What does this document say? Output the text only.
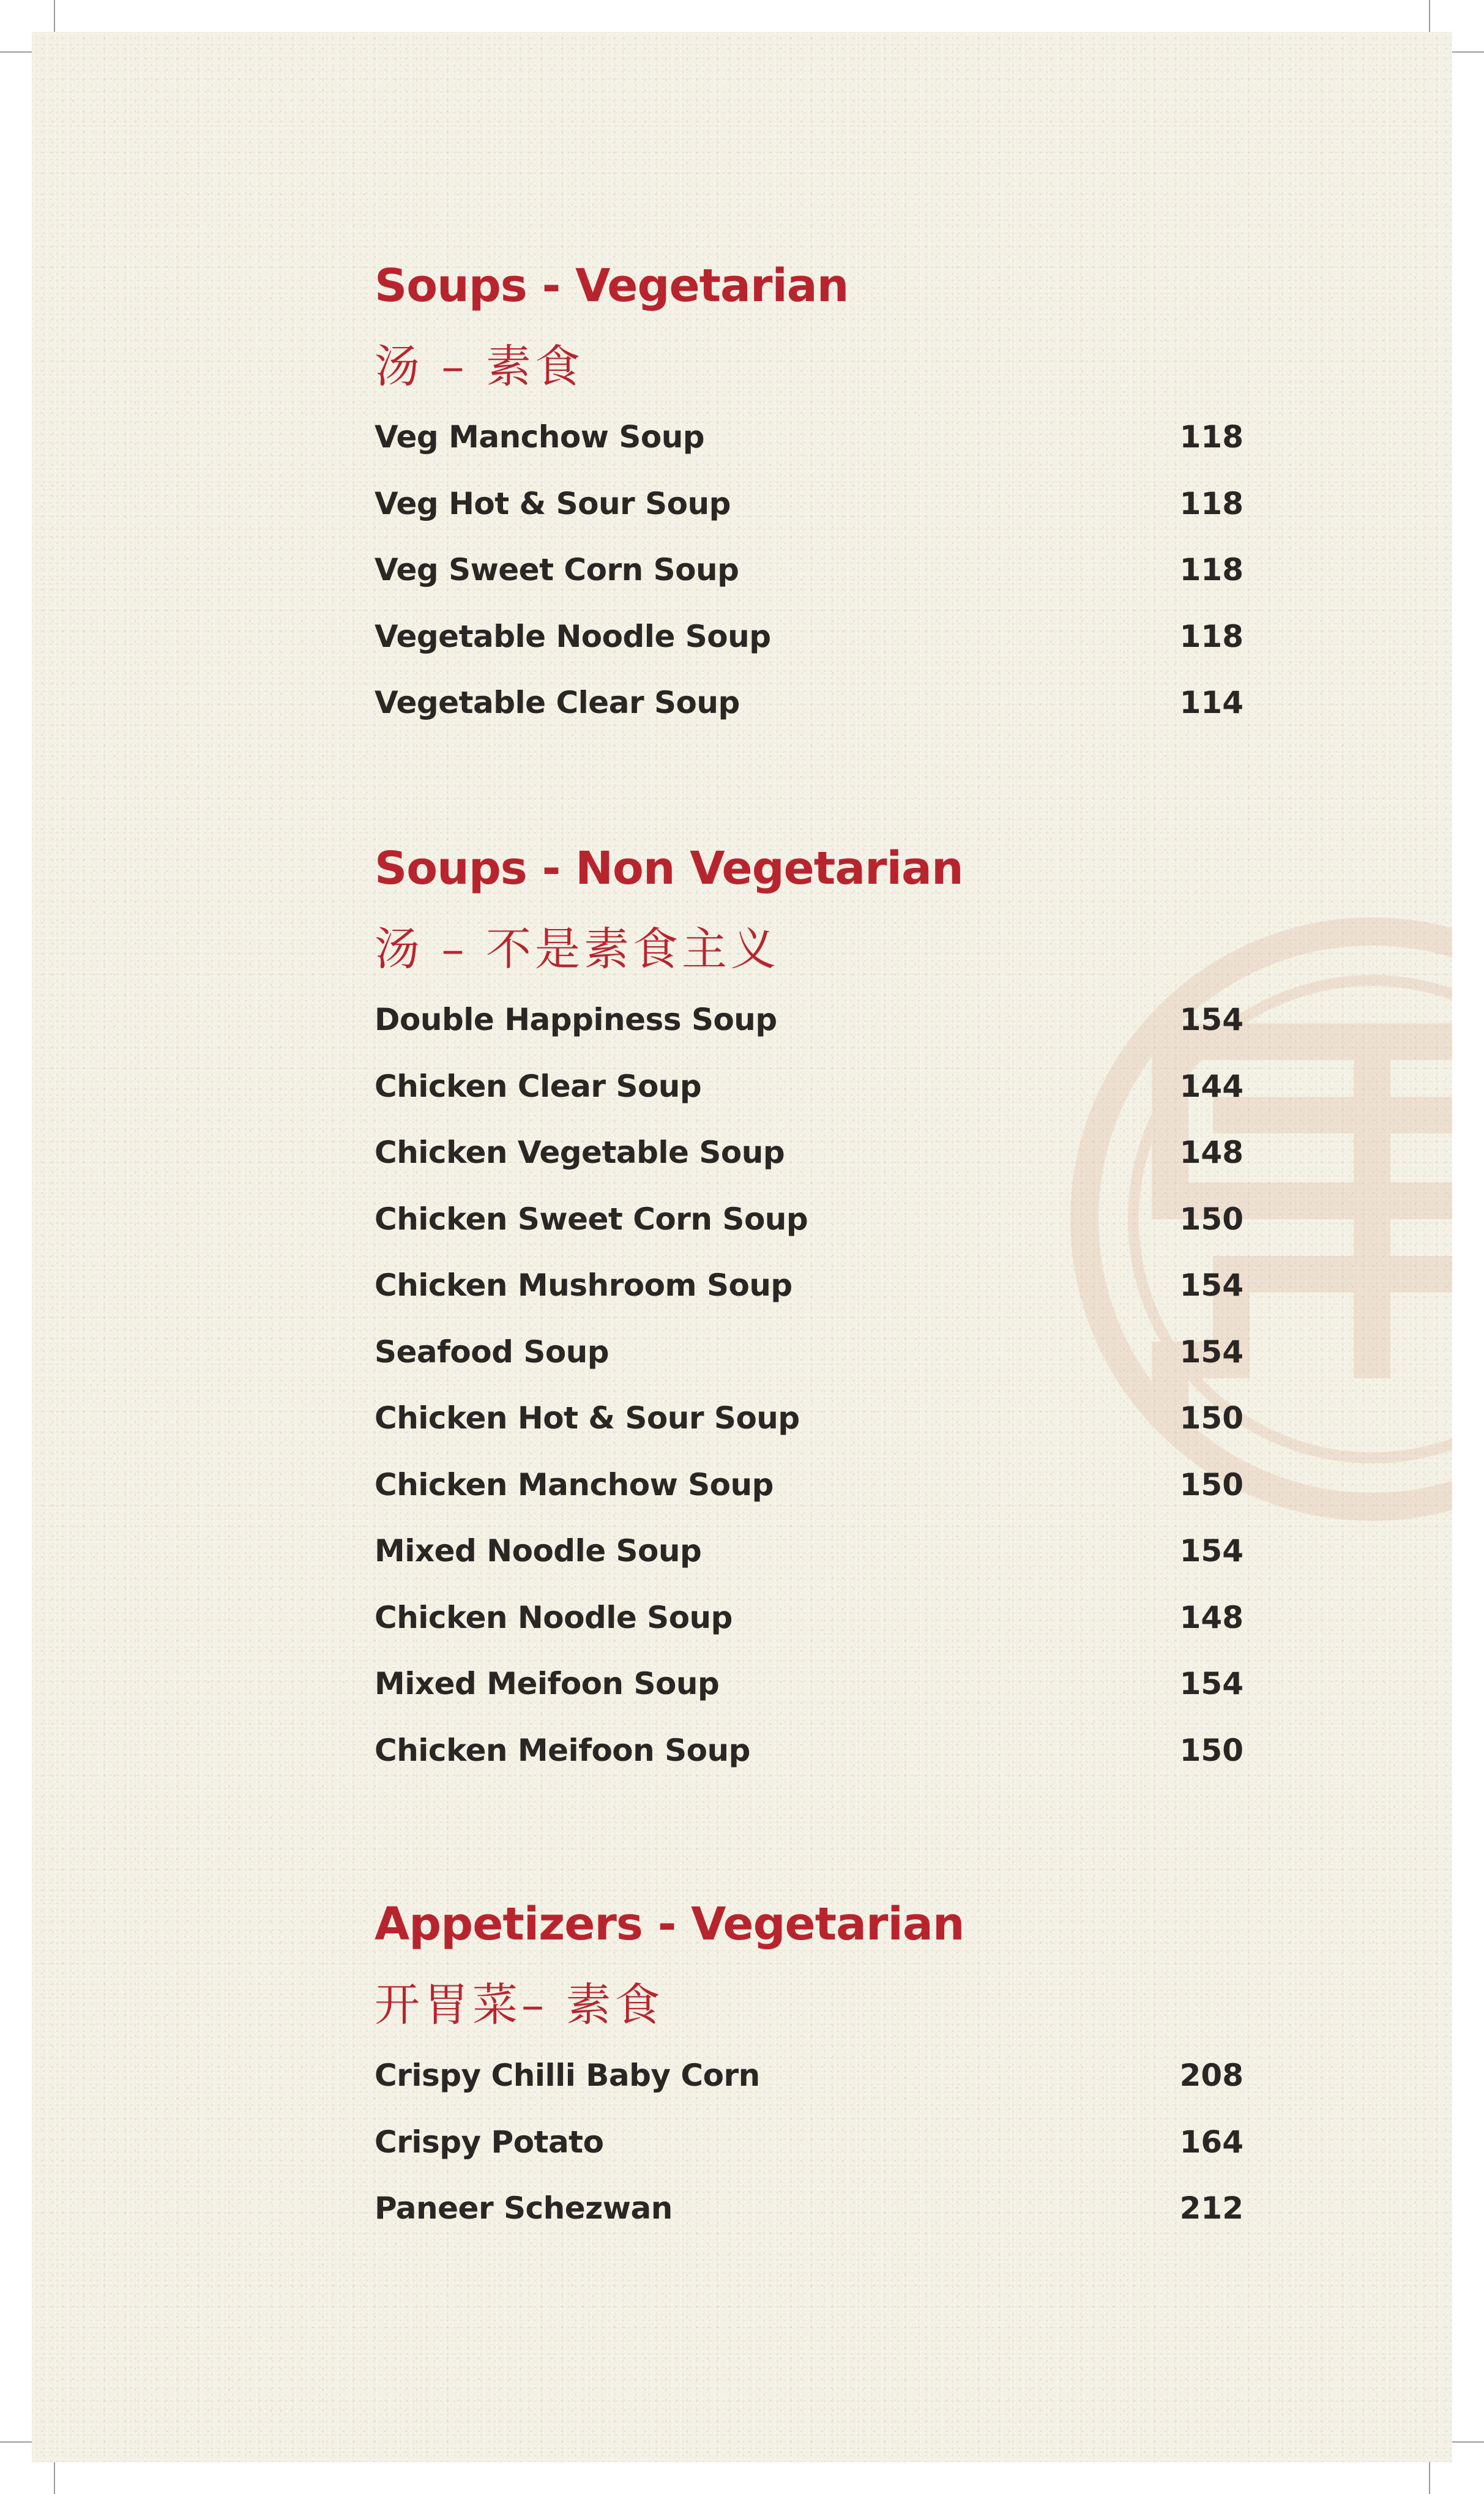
Soups - Vegetarian
汤 – 素食
Veg Manchow Soup	118
Veg Hot & Sour Soup	118
Veg Sweet Corn Soup	118
Vegetable Noodle Soup	118
Vegetable Clear Soup	114
Soups - Non Vegetarian
汤 – 不是素食主义
Double Happiness Soup	154
Chicken Clear Soup	144
Chicken Vegetable Soup	148
Chicken Sweet Corn Soup	150
Chicken Mushroom Soup	154
Seafood Soup	154
Chicken Hot & Sour Soup	150
Chicken Manchow Soup	150
Mixed Noodle Soup	154
Chicken Noodle Soup	148
Mixed Meifoon Soup	154
Chicken Meifoon Soup	150
Appetizers - Vegetarian
开胃菜– 素食
Crispy Chilli Baby Corn	208
Crispy Potato	164
Paneer Schezwan	212
